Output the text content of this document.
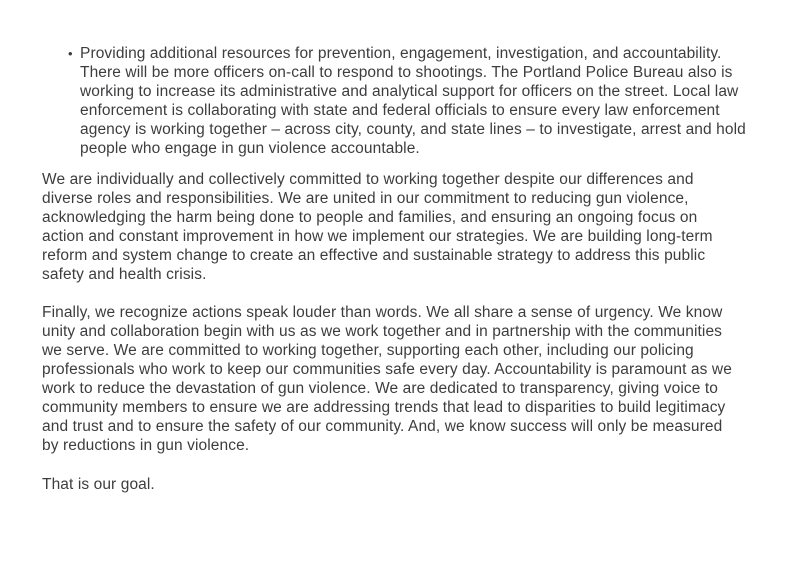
• Providing additional resources for prevention, engagement, investigation, and accountability.
There will be more officers on-call to respond to shootings. The Portland Police Bureau also is
working to increase its administrative and analytical support for officers on the street. Local law
enforcement is collaborating with state and federal officials to ensure every law enforcement
agency is working together – across city, county, and state lines – to investigate, arrest and hold
people who engage in gun violence accountable.
We are individually and collectively committed to working together despite our differences and
diverse roles and responsibilities. We are united in our commitment to reducing gun violence,
acknowledging the harm being done to people and families, and ensuring an ongoing focus on
action and constant improvement in how we implement our strategies. We are building long-term
reform and system change to create an effective and sustainable strategy to address this public
safety and health crisis.
Finally, we recognize actions speak louder than words. We all share a sense of urgency. We know
unity and collaboration begin with us as we work together and in partnership with the communities
we serve. We are committed to working together, supporting each other, including our policing
professionals who work to keep our communities safe every day. Accountability is paramount as we
work to reduce the devastation of gun violence. We are dedicated to transparency, giving voice to
community members to ensure we are addressing trends that lead to disparities to build legitimacy
and trust and to ensure the safety of our community. And, we know success will only be measured
by reductions in gun violence.
That is our goal.
